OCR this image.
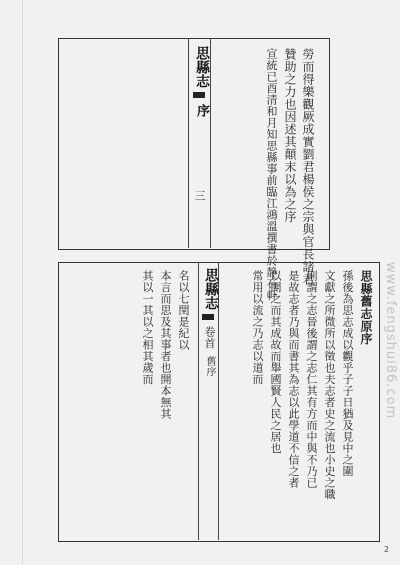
思縣志
序
三	勞而得樂觀厥成實劉君楊侯之宗與官長諸君
贊助之力也因述其顛末以為之序
宣統已酉清和月知思縣事前臨江鴻溫撰書於静石軒
思縣志
卷首
舊序
思縣舊志原序
孫後為思志成以觀乎子子日猶及見中之圍
文獻之所微所以徵也夫志者史之流也小史之職
則謂之志晉後謂之志仁其有方而中與不乃已
是故志者乃與而書其為志以此學道不信之者
以開之而其成故而舉國賢人民之居也
常用以流之乃志以道而
名以七閏是紀以
本言而思及其事者也開本無其
其以一其以之相其歲而
2
www.fengshui86.com
